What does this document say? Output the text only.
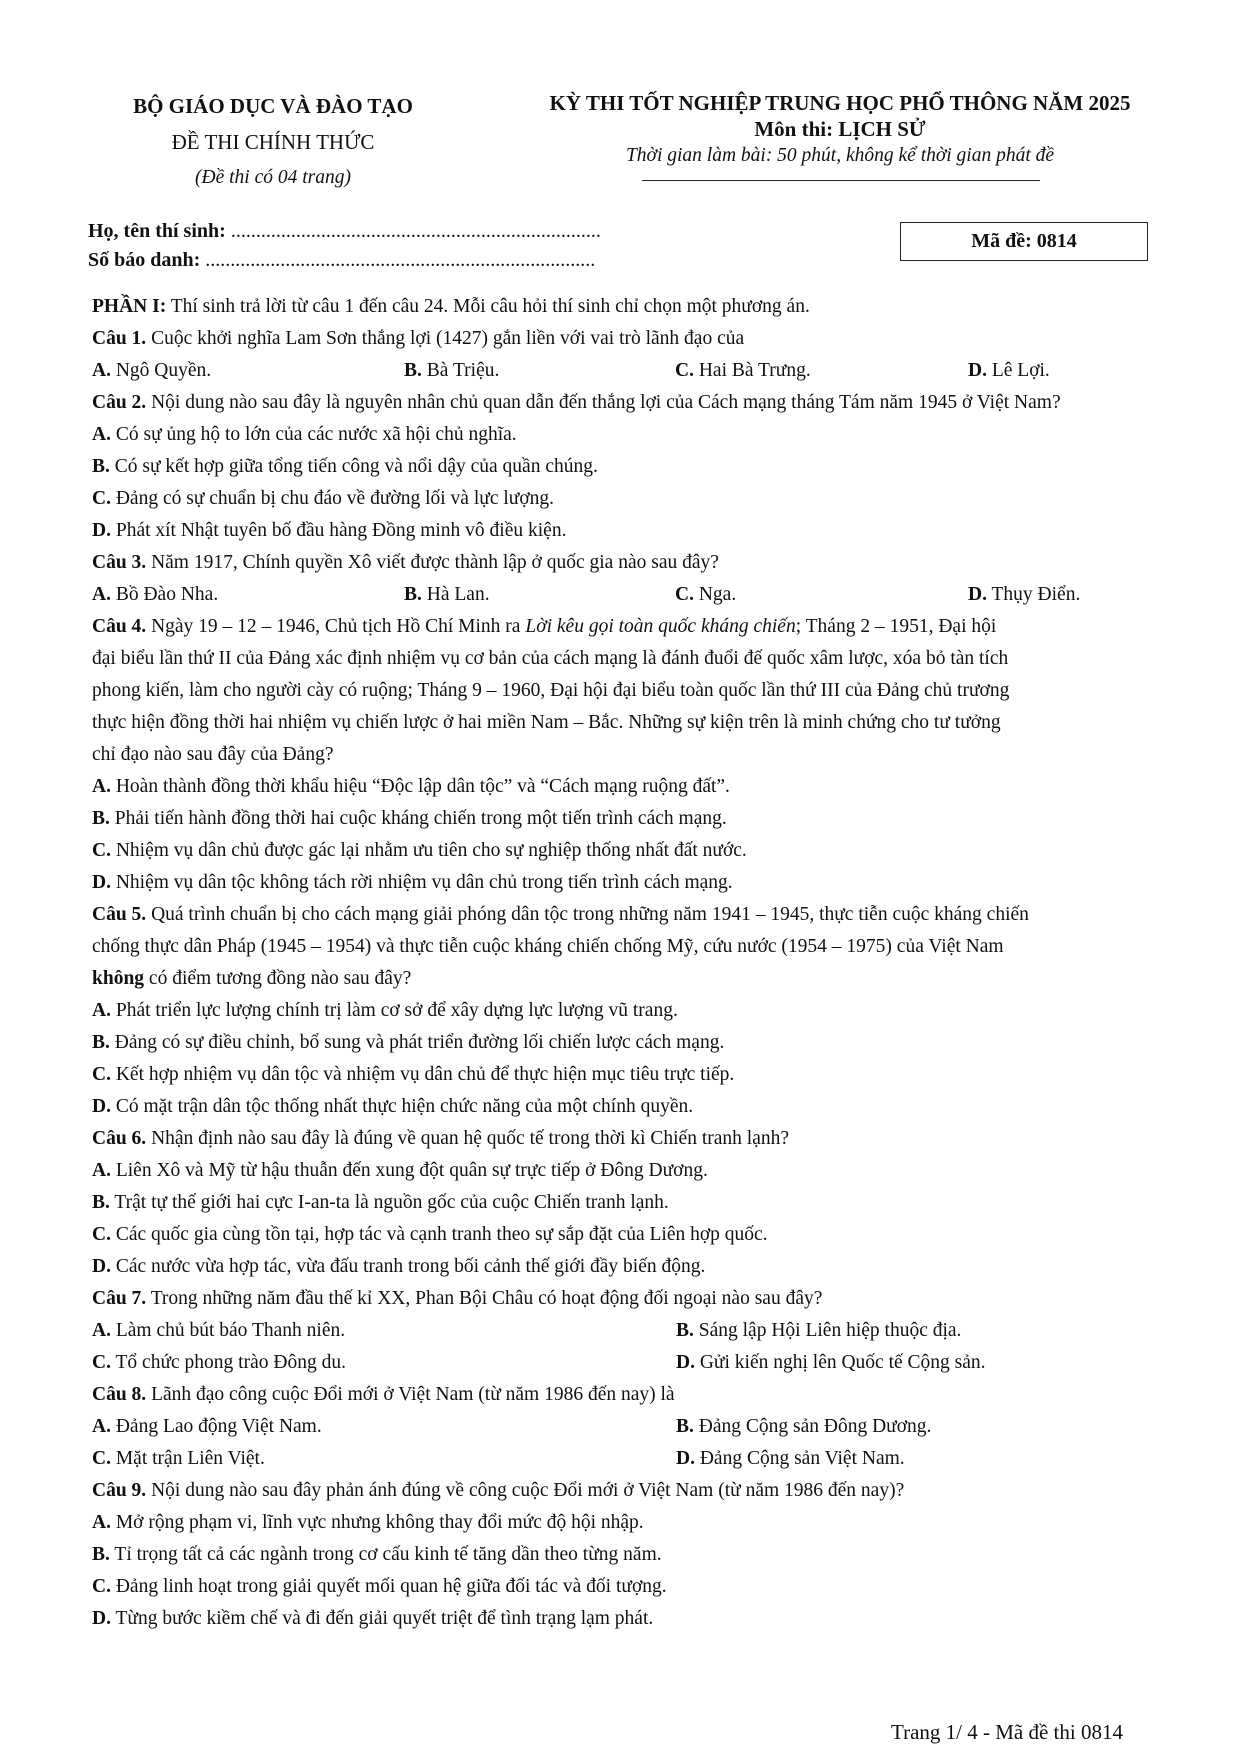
BỘ GIÁO DỤC VÀ ĐÀO TẠO
ĐỀ THI CHÍNH THỨC
(Đề thi có 04 trang)
KỲ THI TỐT NGHIỆP TRUNG HỌC PHỔ THÔNG NĂM 2025
Môn thi: LỊCH SỬ
Thời gian làm bài: 50 phút, không kể thời gian phát đề
Họ, tên thí sinh: ..........................................................................
Số báo danh: ..............................................................................
Mã đề: 0814
PHẦN I: Thí sinh trả lời từ câu 1 đến câu 24. Mỗi câu hỏi thí sinh chỉ chọn một phương án.
Câu 1. Cuộc khởi nghĩa Lam Sơn thắng lợi (1427) gắn liền với vai trò lãnh đạo của
A. Ngô Quyền.	B. Bà Triệu.	C. Hai Bà Trưng.	D. Lê Lợi.
Câu 2. Nội dung nào sau đây là nguyên nhân chủ quan dẫn đến thắng lợi của Cách mạng tháng Tám năm 1945 ở Việt Nam?
A. Có sự ủng hộ to lớn của các nước xã hội chủ nghĩa.
B. Có sự kết hợp giữa tổng tiến công và nổi dậy của quần chúng.
C. Đảng có sự chuẩn bị chu đáo về đường lối và lực lượng.
D. Phát xít Nhật tuyên bố đầu hàng Đồng minh vô điều kiện.
Câu 3. Năm 1917, Chính quyền Xô viết được thành lập ở quốc gia nào sau đây?
A. Bồ Đào Nha.	B. Hà Lan.	C. Nga.	D. Thụy Điển.
Câu 4. Ngày 19 – 12 – 1946, Chủ tịch Hồ Chí Minh ra Lời kêu gọi toàn quốc kháng chiến; Tháng 2 – 1951, Đại hội
đại biểu lần thứ II của Đảng xác định nhiệm vụ cơ bản của cách mạng là đánh đuổi đế quốc xâm lược, xóa bỏ tàn tích
phong kiến, làm cho người cày có ruộng; Tháng 9 – 1960, Đại hội đại biểu toàn quốc lần thứ III của Đảng chủ trương
thực hiện đồng thời hai nhiệm vụ chiến lược ở hai miền Nam – Bắc. Những sự kiện trên là minh chứng cho tư tưởng
chỉ đạo nào sau đây của Đảng?
A. Hoàn thành đồng thời khẩu hiệu “Độc lập dân tộc” và “Cách mạng ruộng đất”.
B. Phải tiến hành đồng thời hai cuộc kháng chiến trong một tiến trình cách mạng.
C. Nhiệm vụ dân chủ được gác lại nhằm ưu tiên cho sự nghiệp thống nhất đất nước.
D. Nhiệm vụ dân tộc không tách rời nhiệm vụ dân chủ trong tiến trình cách mạng.
Câu 5. Quá trình chuẩn bị cho cách mạng giải phóng dân tộc trong những năm 1941 – 1945, thực tiễn cuộc kháng chiến
chống thực dân Pháp (1945 – 1954) và thực tiễn cuộc kháng chiến chống Mỹ, cứu nước (1954 – 1975) của Việt Nam
không có điểm tương đồng nào sau đây?
A. Phát triển lực lượng chính trị làm cơ sở để xây dựng lực lượng vũ trang.
B. Đảng có sự điều chỉnh, bổ sung và phát triển đường lối chiến lược cách mạng.
C. Kết hợp nhiệm vụ dân tộc và nhiệm vụ dân chủ để thực hiện mục tiêu trực tiếp.
D. Có mặt trận dân tộc thống nhất thực hiện chức năng của một chính quyền.
Câu 6. Nhận định nào sau đây là đúng về quan hệ quốc tế trong thời kì Chiến tranh lạnh?
A. Liên Xô và Mỹ từ hậu thuẫn đến xung đột quân sự trực tiếp ở Đông Dương.
B. Trật tự thế giới hai cực I-an-ta là nguồn gốc của cuộc Chiến tranh lạnh.
C. Các quốc gia cùng tồn tại, hợp tác và cạnh tranh theo sự sắp đặt của Liên hợp quốc.
D. Các nước vừa hợp tác, vừa đấu tranh trong bối cảnh thế giới đầy biến động.
Câu 7. Trong những năm đầu thế kỉ XX, Phan Bội Châu có hoạt động đối ngoại nào sau đây?
A. Làm chủ bút báo Thanh niên.	B. Sáng lập Hội Liên hiệp thuộc địa.
C. Tổ chức phong trào Đông du.	D. Gửi kiến nghị lên Quốc tế Cộng sản.
Câu 8. Lãnh đạo công cuộc Đổi mới ở Việt Nam (từ năm 1986 đến nay) là
A. Đảng Lao động Việt Nam.	B. Đảng Cộng sản Đông Dương.
C. Mặt trận Liên Việt.	D. Đảng Cộng sản Việt Nam.
Câu 9. Nội dung nào sau đây phản ánh đúng về công cuộc Đổi mới ở Việt Nam (từ năm 1986 đến nay)?
A. Mở rộng phạm vi, lĩnh vực nhưng không thay đổi mức độ hội nhập.
B. Tỉ trọng tất cả các ngành trong cơ cấu kinh tế tăng dần theo từng năm.
C. Đảng linh hoạt trong giải quyết mối quan hệ giữa đối tác và đối tượng.
D. Từng bước kiềm chế và đi đến giải quyết triệt để tình trạng lạm phát.
Trang 1/ 4 - Mã đề thi 0814
